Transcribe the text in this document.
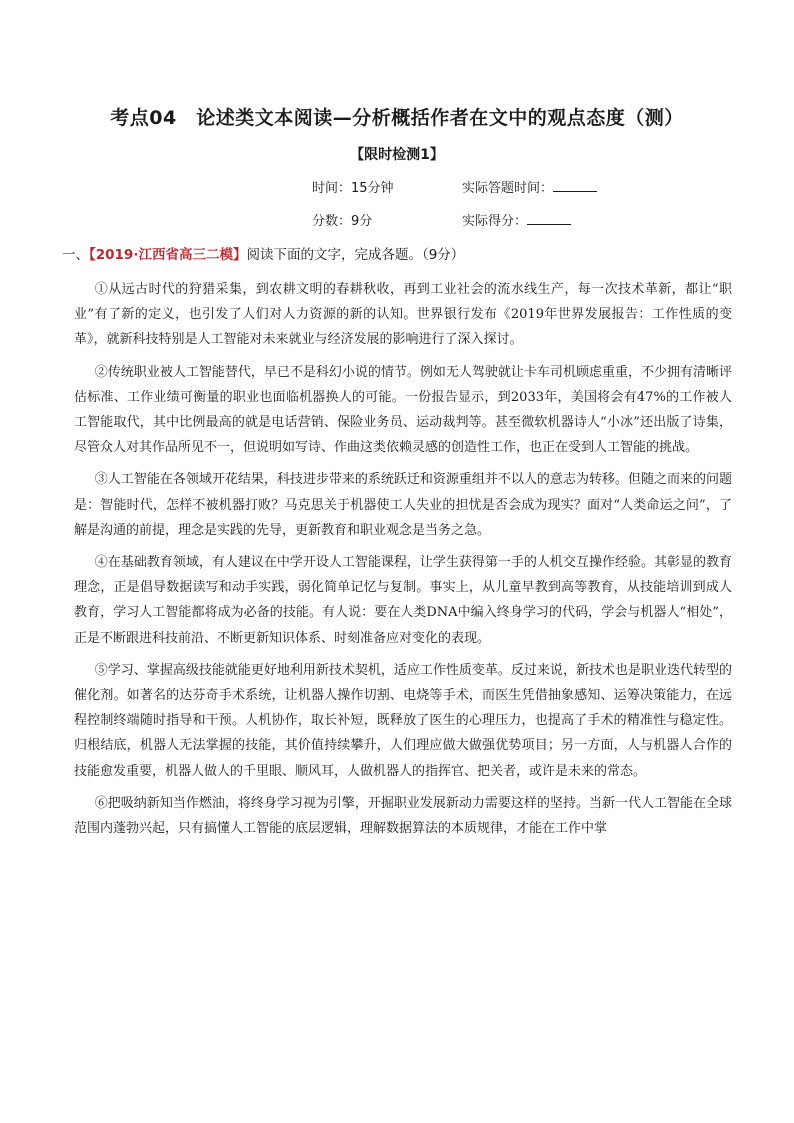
考点04　论述类文本阅读—分析概括作者在文中的观点态度（测）
【限时检测1】
时间：15分钟	实际答题时间：
分数：9分	实际得分：
一、【2019·江西省高三二模】阅读下面的文字，完成各题。（9分）

①从远古时代的狩猎采集，到农耕文明的春耕秋收，再到工业社会的流水线生产，每一次技术革新，都让“职业”有了新的定义，也引发了人们对人力资源的新的认知。世界银行发布《2019年世界发展报告：工作性质的变革》，就新科技特别是人工智能对未来就业与经济发展的影响进行了深入探讨。

②传统职业被人工智能替代，早已不是科幻小说的情节。例如无人驾驶就让卡车司机顾虑重重，不少拥有清晰评估标准、工作业绩可衡量的职业也面临机器换人的可能。一份报告显示，到2033年，美国将会有47%的工作被人工智能取代，其中比例最高的就是电话营销、保险业务员、运动裁判等。甚至微软机器诗人“小冰”还出版了诗集，尽管众人对其作品所见不一，但说明如写诗、作曲这类依赖灵感的创造性工作，也正在受到人工智能的挑战。

③人工智能在各领域开花结果，科技进步带来的系统跃迁和资源重组并不以人的意志为转移。但随之而来的问题是：智能时代，怎样不被机器打败？马克思关于机器使工人失业的担忧是否会成为现实？面对“人类命运之问”，了解是沟通的前提，理念是实践的先导，更新教育和职业观念是当务之急。

④在基础教育领域，有人建议在中学开设人工智能课程，让学生获得第一手的人机交互操作经验。其彰显的教育理念，正是倡导数据读写和动手实践，弱化简单记忆与复制。事实上，从儿童早教到高等教育，从技能培训到成人教育，学习人工智能都将成为必备的技能。有人说：要在人类DNA中编入终身学习的代码，学会与机器人“相处”，正是不断跟进科技前沿、不断更新知识体系、时刻准备应对变化的表现。

⑤学习、掌握高级技能就能更好地利用新技术契机，适应工作性质变革。反过来说，新技术也是职业迭代转型的催化剂。如著名的达芬奇手术系统，让机器人操作切割、电烧等手术，而医生凭借抽象感知、运筹决策能力，在远程控制终端随时指导和干预。人机协作，取长补短，既释放了医生的心理压力，也提高了手术的精准性与稳定性。归根结底，机器人无法掌握的技能，其价值持续攀升，人们理应做大做强优势项目；另一方面，人与机器人合作的技能愈发重要，机器人做人的千里眼、顺风耳，人做机器人的指挥官、把关者，或许是未来的常态。

⑥把吸纳新知当作燃油，将终身学习视为引擎，开掘职业发展新动力需要这样的坚持。当新一代人工智能在全球范围内蓬勃兴起，只有搞懂人工智能的底层逻辑，理解数据算法的本质规律，才能在工作中掌
